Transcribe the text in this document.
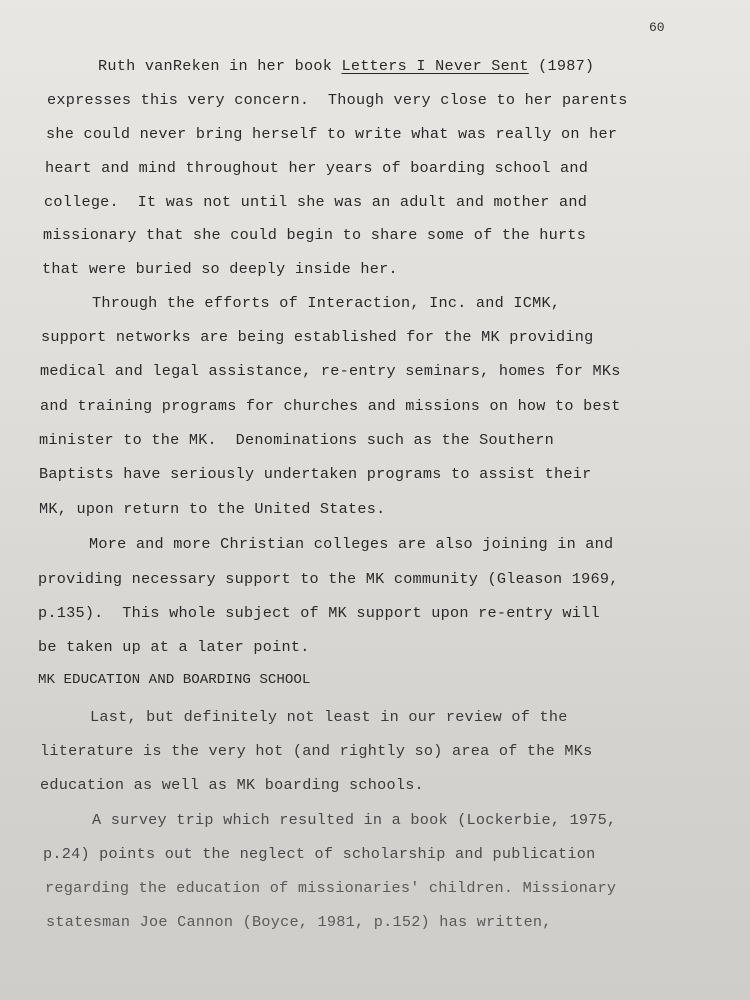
60
Ruth vanReken in her book Letters I Never Sent (1987)
expresses this very concern.  Though very close to her parents
she could never bring herself to write what was really on her
heart and mind throughout her years of boarding school and
college.  It was not until she was an adult and mother and
missionary that she could begin to share some of the hurts
that were buried so deeply inside her.
Through the efforts of Interaction, Inc. and ICMK,
support networks are being established for the MK providing
medical and legal assistance, re-entry seminars, homes for MKs
and training programs for churches and missions on how to best
minister to the MK.  Denominations such as the Southern
Baptists have seriously undertaken programs to assist their
MK, upon return to the United States.
More and more Christian colleges are also joining in and
providing necessary support to the MK community (Gleason 1969,
p.135).  This whole subject of MK support upon re-entry will
be taken up at a later point.
MK EDUCATION AND BOARDING SCHOOL
Last, but definitely not least in our review of the
literature is the very hot (and rightly so) area of the MKs
education as well as MK boarding schools.
A survey trip which resulted in a book (Lockerbie, 1975,
p.24) points out the neglect of scholarship and publication
regarding the education of missionaries' children. Missionary
statesman Joe Cannon (Boyce, 1981, p.152) has written,
